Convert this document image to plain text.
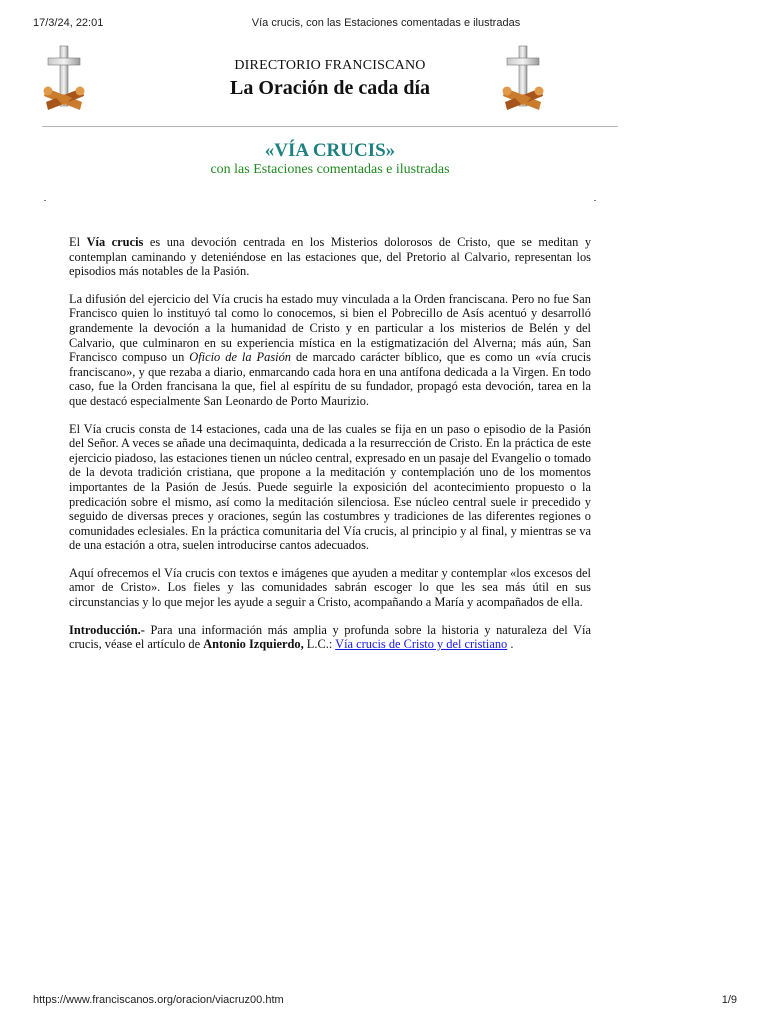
17/3/24, 22:01	Vía crucis, con las Estaciones comentadas e ilustradas
DIRECTORIO FRANCISCANO
La Oración de cada día
«VÍA CRUCIS»
con las Estaciones comentadas e ilustradas

El Vía crucis es una devoción centrada en los Misterios dolorosos de Cristo, que se meditan y contemplan caminando y deteniéndose en las estaciones que, del Pretorio al Calvario, representan los episodios más notables de la Pasión.

La difusión del ejercicio del Vía crucis ha estado muy vinculada a la Orden franciscana. Pero no fue San Francisco quien lo instituyó tal como lo conocemos, si bien el Pobrecillo de Asís acentuó y desarrolló grandemente la devoción a la humanidad de Cristo y en particular a los misterios de Belén y del Calvario, que culminaron en su experiencia mística en la estigmatización del Alverna; más aún, San Francisco compuso un Oficio de la Pasión de marcado carácter bíblico, que es como un «vía crucis franciscano», y que rezaba a diario, enmarcando cada hora en una antífona dedicada a la Virgen. En todo caso, fue la Orden francisana la que, fiel al espíritu de su fundador, propagó esta devoción, tarea en la que destacó especialmente San Leonardo de Porto Maurizio.

El Vía crucis consta de 14 estaciones, cada una de las cuales se fija en un paso o episodio de la Pasión del Señor. A veces se añade una decimaquinta, dedicada a la resurrección de Cristo. En la práctica de este ejercicio piadoso, las estaciones tienen un núcleo central, expresado en un pasaje del Evangelio o tomado de la devota tradición cristiana, que propone a la meditación y contemplación uno de los momentos importantes de la Pasión de Jesús. Puede seguirle la exposición del acontecimiento propuesto o la predicación sobre el mismo, así como la meditación silenciosa. Ese núcleo central suele ir precedido y seguido de diversas preces y oraciones, según las costumbres y tradiciones de las diferentes regiones o comunidades eclesiales. En la práctica comunitaria del Vía crucis, al principio y al final, y mientras se va de una estación a otra, suelen introducirse cantos adecuados.

Aquí ofrecemos el Vía crucis con textos e imágenes que ayuden a meditar y contemplar «los excesos del amor de Cristo». Los fieles y las comunidades sabrán escoger lo que les sea más útil en sus circunstancias y lo que mejor les ayude a seguir a Cristo, acompañando a María y acompañados de ella.

Introducción.- Para una información más amplia y profunda sobre la historia y naturaleza del Vía crucis, véase el artículo de Antonio Izquierdo, L.C.: Vía crucis de Cristo y del cristiano .

https://www.franciscanos.org/oracion/viacruz00.htm	1/9
